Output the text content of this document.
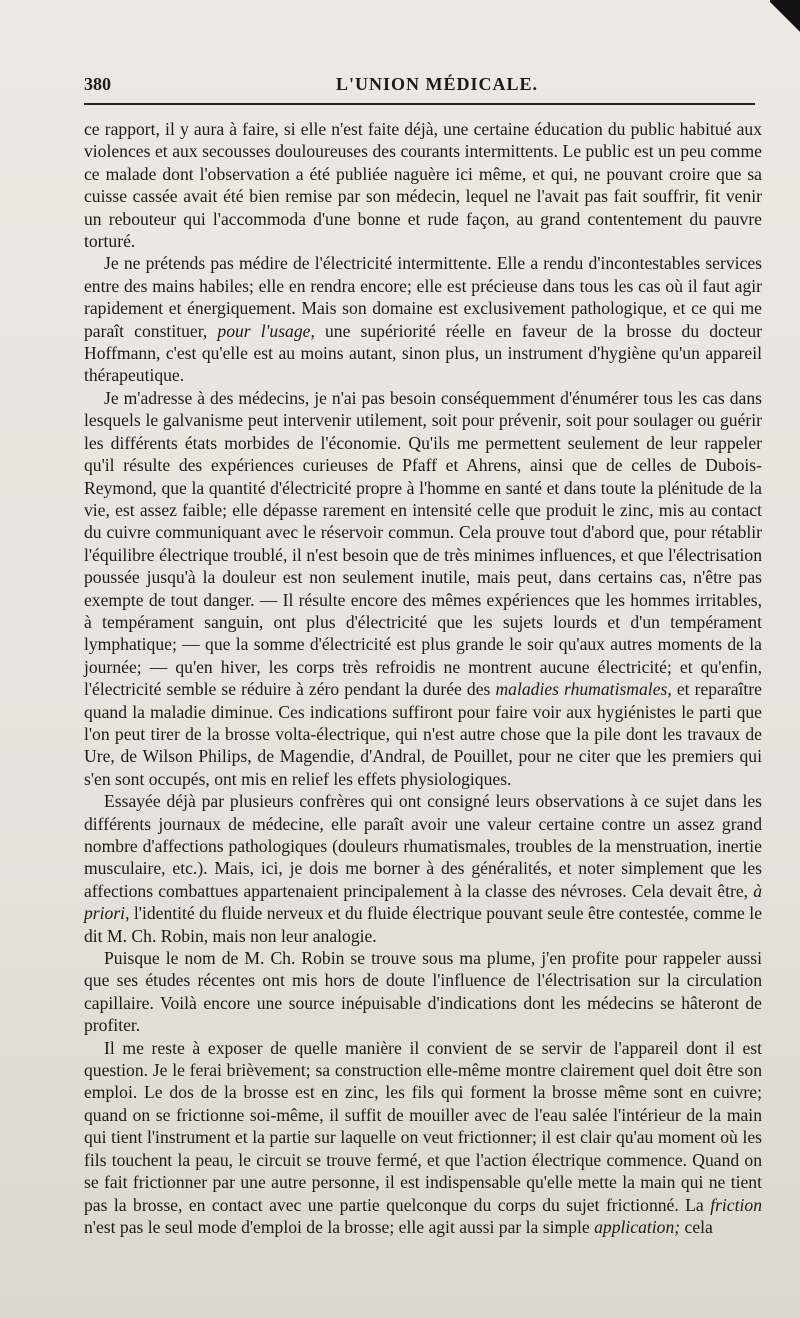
380	L'UNION MÉDICALE.

ce rapport, il y aura à faire, si elle n'est faite déjà, une certaine éducation du public habitué aux violences et aux secousses douloureuses des courants intermittents. Le public est un peu comme ce malade dont l'observation a été publiée naguère ici même, et qui, ne pouvant croire que sa cuisse cassée avait été bien remise par son médecin, lequel ne l'avait pas fait souffrir, fit venir un rebouteur qui l'accommoda d'une bonne et rude façon, au grand contentement du pauvre torturé.

Je ne prétends pas médire de l'électricité intermittente. Elle a rendu d'incontestables services entre des mains habiles; elle en rendra encore; elle est précieuse dans tous les cas où il faut agir rapidement et énergiquement. Mais son domaine est exclusivement pathologique, et ce qui me paraît constituer, pour l'usage, une supériorité réelle en faveur de la brosse du docteur Hoffmann, c'est qu'elle est au moins autant, sinon plus, un instrument d'hygiène qu'un appareil thérapeutique.

Je m'adresse à des médecins, je n'ai pas besoin conséquemment d'énumérer tous les cas dans lesquels le galvanisme peut intervenir utilement, soit pour prévenir, soit pour soulager ou guérir les différents états morbides de l'économie. Qu'ils me permettent seulement de leur rappeler qu'il résulte des expériences curieuses de Pfaff et Ahrens, ainsi que de celles de Dubois-Reymond, que la quantité d'électricité propre à l'homme en santé et dans toute la plénitude de la vie, est assez faible; elle dépasse rarement en intensité celle que produit le zinc, mis au contact du cuivre communiquant avec le réservoir commun. Cela prouve tout d'abord que, pour rétablir l'équilibre électrique troublé, il n'est besoin que de très minimes influences, et que l'électrisation poussée jusqu'à la douleur est non seulement inutile, mais peut, dans certains cas, n'être pas exempte de tout danger. — Il résulte encore des mêmes expériences que les hommes irritables, à tempérament sanguin, ont plus d'électricité que les sujets lourds et d'un tempérament lymphatique; — que la somme d'électricité est plus grande le soir qu'aux autres moments de la journée; — qu'en hiver, les corps très refroidis ne montrent aucune électricité; et qu'enfin, l'électricité semble se réduire à zéro pendant la durée des maladies rhumatismales, et reparaître quand la maladie diminue. Ces indications suffiront pour faire voir aux hygiénistes le parti que l'on peut tirer de la brosse volta-électrique, qui n'est autre chose que la pile dont les travaux de Ure, de Wilson Philips, de Magendie, d'Andral, de Pouillet, pour ne citer que les premiers qui s'en sont occupés, ont mis en relief les effets physiologiques.

Essayée déjà par plusieurs confrères qui ont consigné leurs observations à ce sujet dans les différents journaux de médecine, elle paraît avoir une valeur certaine contre un assez grand nombre d'affections pathologiques (douleurs rhumatismales, troubles de la menstruation, inertie musculaire, etc.). Mais, ici, je dois me borner à des généralités, et noter simplement que les affections combattues appartenaient principalement à la classe des névroses. Cela devait être, à priori, l'identité du fluide nerveux et du fluide électrique pouvant seule être contestée, comme le dit M. Ch. Robin, mais non leur analogie.

Puisque le nom de M. Ch. Robin se trouve sous ma plume, j'en profite pour rappeler aussi que ses études récentes ont mis hors de doute l'influence de l'électrisation sur la circulation capillaire. Voilà encore une source inépuisable d'indications dont les médecins se hâteront de profiter.

Il me reste à exposer de quelle manière il convient de se servir de l'appareil dont il est question. Je le ferai brièvement; sa construction elle-même montre clairement quel doit être son emploi. Le dos de la brosse est en zinc, les fils qui forment la brosse même sont en cuivre; quand on se frictionne soi-même, il suffit de mouiller avec de l'eau salée l'intérieur de la main qui tient l'instrument et la partie sur laquelle on veut frictionner; il est clair qu'au moment où les fils touchent la peau, le circuit se trouve fermé, et que l'action électrique commence. Quand on se fait frictionner par une autre personne, il est indispensable qu'elle mette la main qui ne tient pas la brosse, en contact avec une partie quelconque du corps du sujet frictionné. La friction n'est pas le seul mode d'emploi de la brosse; elle agit aussi par la simple application; cela
